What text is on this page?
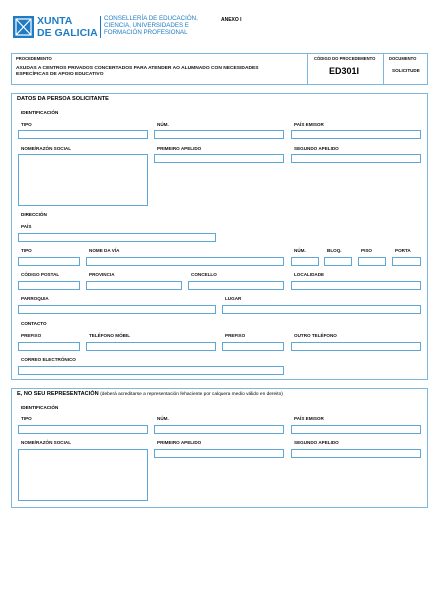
XUNTA
DE GALICIA
CONSELLERÍA DE EDUCACIÓN,
CIENCIA, UNIVERSIDADES E
FORMACIÓN PROFESIONAL
ANEXO I
PROCEDEMENTO
AXUDAS A CENTROS PRIVADOS CONCERTADOS PARA ATENDER AO ALUMNADO CON NECESIDADES
ESPECÍFICAS DE APOIO EDUCATIVO
CÓDIGO DO PROCEDEMENTO
ED301I
DOCUMENTO
SOLICITUDE
DATOS DA PERSOA SOLICITANTE
IDENTIFICACIÓN
TIPO	NÚM.	PAÍS EMISOR
NOME/RAZÓN SOCIAL	PRIMEIRO APELIDO	SEGUNDO APELIDO
DIRECCIÓN
PAÍS
TIPO	NOME DA VÍA	NÚM.	BLOQ.	PISO	PORTA
CÓDIGO POSTAL	PROVINCIA	CONCELLO	LOCALIDADE
PARROQUIA	LUGAR
CONTACTO
PREFIXO	TELÉFONO MÓBIL	PREFIXO	OUTRO TELÉFONO
CORREO ELECTRÓNICO
E, NO SEU REPRESENTACIÓN (deberá acreditarse a representación fehaciente por calquera medio válido en dereito)
IDENTIFICACIÓN
TIPO	NÚM.	PAÍS EMISOR
NOME/RAZÓN SOCIAL	PRIMEIRO APELIDO	SEGUNDO APELIDO
